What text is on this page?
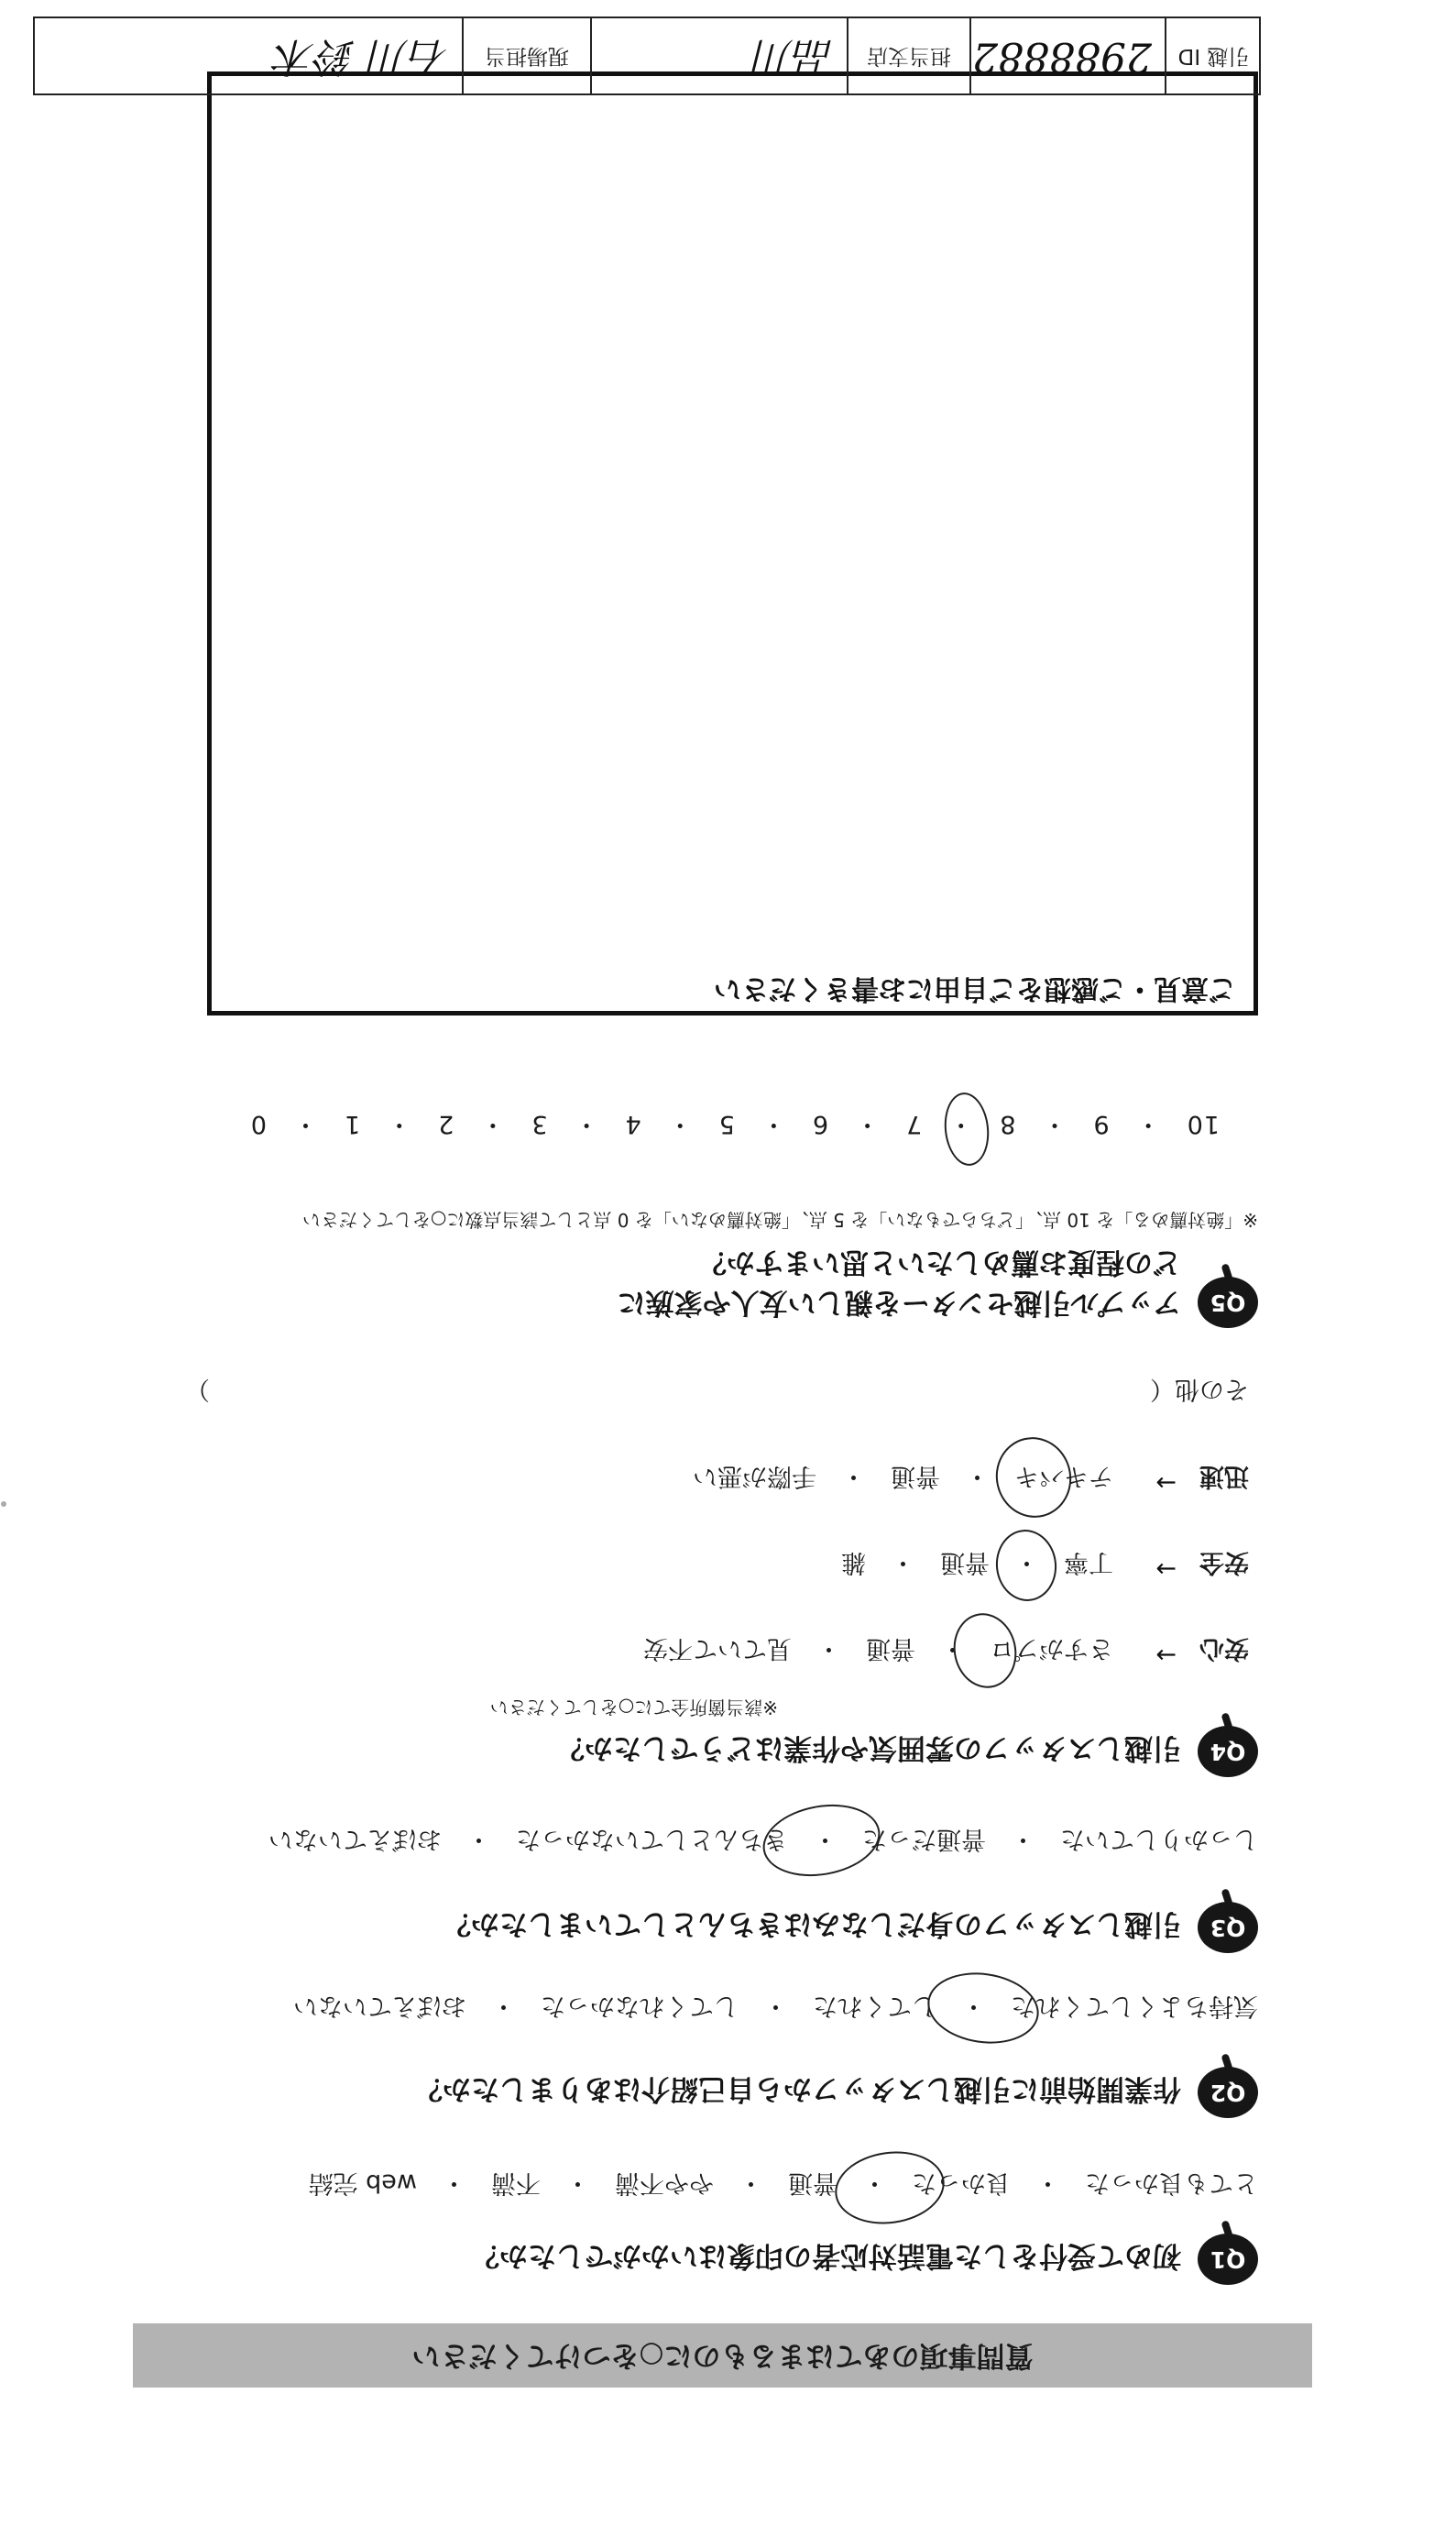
質問事項のあてはまるものに○をつけてください
Q1
初めて受付をした電話対応者の印象はいかがでしたか？
とても良かった　・　良かった　・　普通　・　やや不満　・　不満　・　web 完結
Q2
作業開始前に引越しスタッフから自己紹介はありましたか？
気持ちよくしてくれた　・　してくれた　・　してくれなかった　・　おぼえていない
Q3
引越しスタッフの身だしなみはきちんとしていましたか？
しっかりしていた　・　普通だった　・　きちんとしていなかった　・　おぼえていない
Q4
引越しスタッフの雰囲気や作業はどうでしたか？
※該当箇所全てに○をしてください
安心
→
さすがプロ　・　普通　・　見ていて不安
安全
→
丁寧　・　普通　・　雑
迅速
→
テキパキ　・　普通　・　手際が悪い
その他（　　　　　　　　　　　　　　　　　　　　　　　　　　　　　　　　　　　　　　）
Q5
アップル引越センターを親しい友人や家族に
どの程度お薦めしたいと思いますか？
※「絶対薦める」を 10 点、「どちらでもない」を 5 点、「絶対薦めない」を 0 点として該当点数に○をしてください
10　・　9　・　8　・　7　・　6　・　5　・　4　・　3　・　2　・　1　・　0
ご意見・ご感想をご自由にお書きください
引越 ID
2988882
担当支店
品川
現場担当
石川 鈴木
